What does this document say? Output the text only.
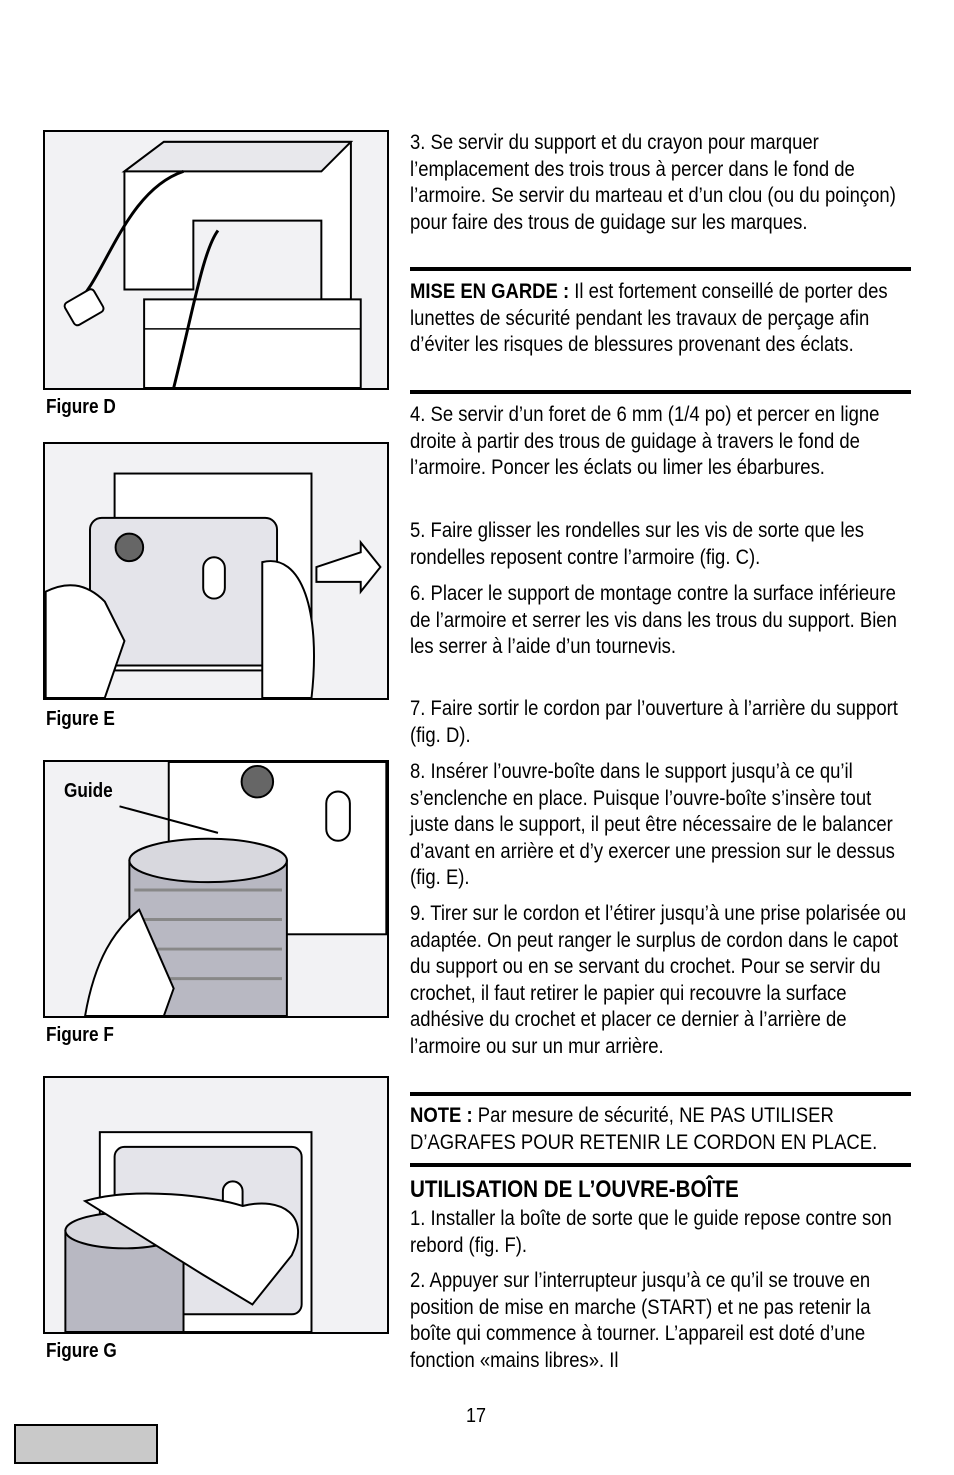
Figure D
Figure E
Guide
Figure F
Figure G
3. Se servir du support et du crayon pour marquer l’emplacement des trois trous à percer dans le fond de l’armoire. Se servir du marteau et d’un clou (ou du poinçon) pour faire des trous de guidage sur les marques.
MISE EN GARDE : Il est fortement conseillé de porter des lunettes de sécurité pendant les travaux de perçage afin d’éviter les risques de blessures provenant des éclats.
4. Se servir d’un foret de 6 mm (1/4 po) et percer en ligne droite à partir des trous de guidage à travers le fond de l’armoire. Poncer les éclats ou limer les ébarbures.
5. Faire glisser les rondelles sur les vis de sorte que les rondelles reposent contre l’armoire (fig. C).
6. Placer le support de montage contre la surface inférieure de l’armoire et serrer les vis dans les trous du support. Bien les serrer à l’aide d’un tournevis.
7. Faire sortir le cordon par l’ouverture à l’arrière du support (fig. D).
8. Insérer l’ouvre-boîte dans le support jusqu’à ce qu’il s’enclenche en place. Puisque l’ouvre-boîte s’insère tout juste dans le support, il peut être nécessaire de le balancer d’avant en arrière et d’y exercer une pression sur le dessus (fig. E).
9. Tirer sur le cordon et l’étirer jusqu’à une prise polarisée ou adaptée. On peut ranger le surplus de cordon dans le capot du support ou en se servant du crochet. Pour se servir du crochet, il faut retirer le papier qui recouvre la surface adhésive du crochet et placer ce dernier à l’arrière de l’armoire ou sur un mur arrière.
NOTE : Par mesure de sécurité, NE PAS UTILISER D’AGRAFES POUR RETENIR LE CORDON EN PLACE.
UTILISATION DE L’OUVRE-BOÎTE
1. Installer la boîte de sorte que le guide repose contre son rebord (fig. F).
2. Appuyer sur l’interrupteur jusqu’à ce qu’il se trouve en position de mise en marche (START) et ne pas retenir la boîte qui commence à tourner. L’appareil est doté d’une fonction «mains libres». Il
17
